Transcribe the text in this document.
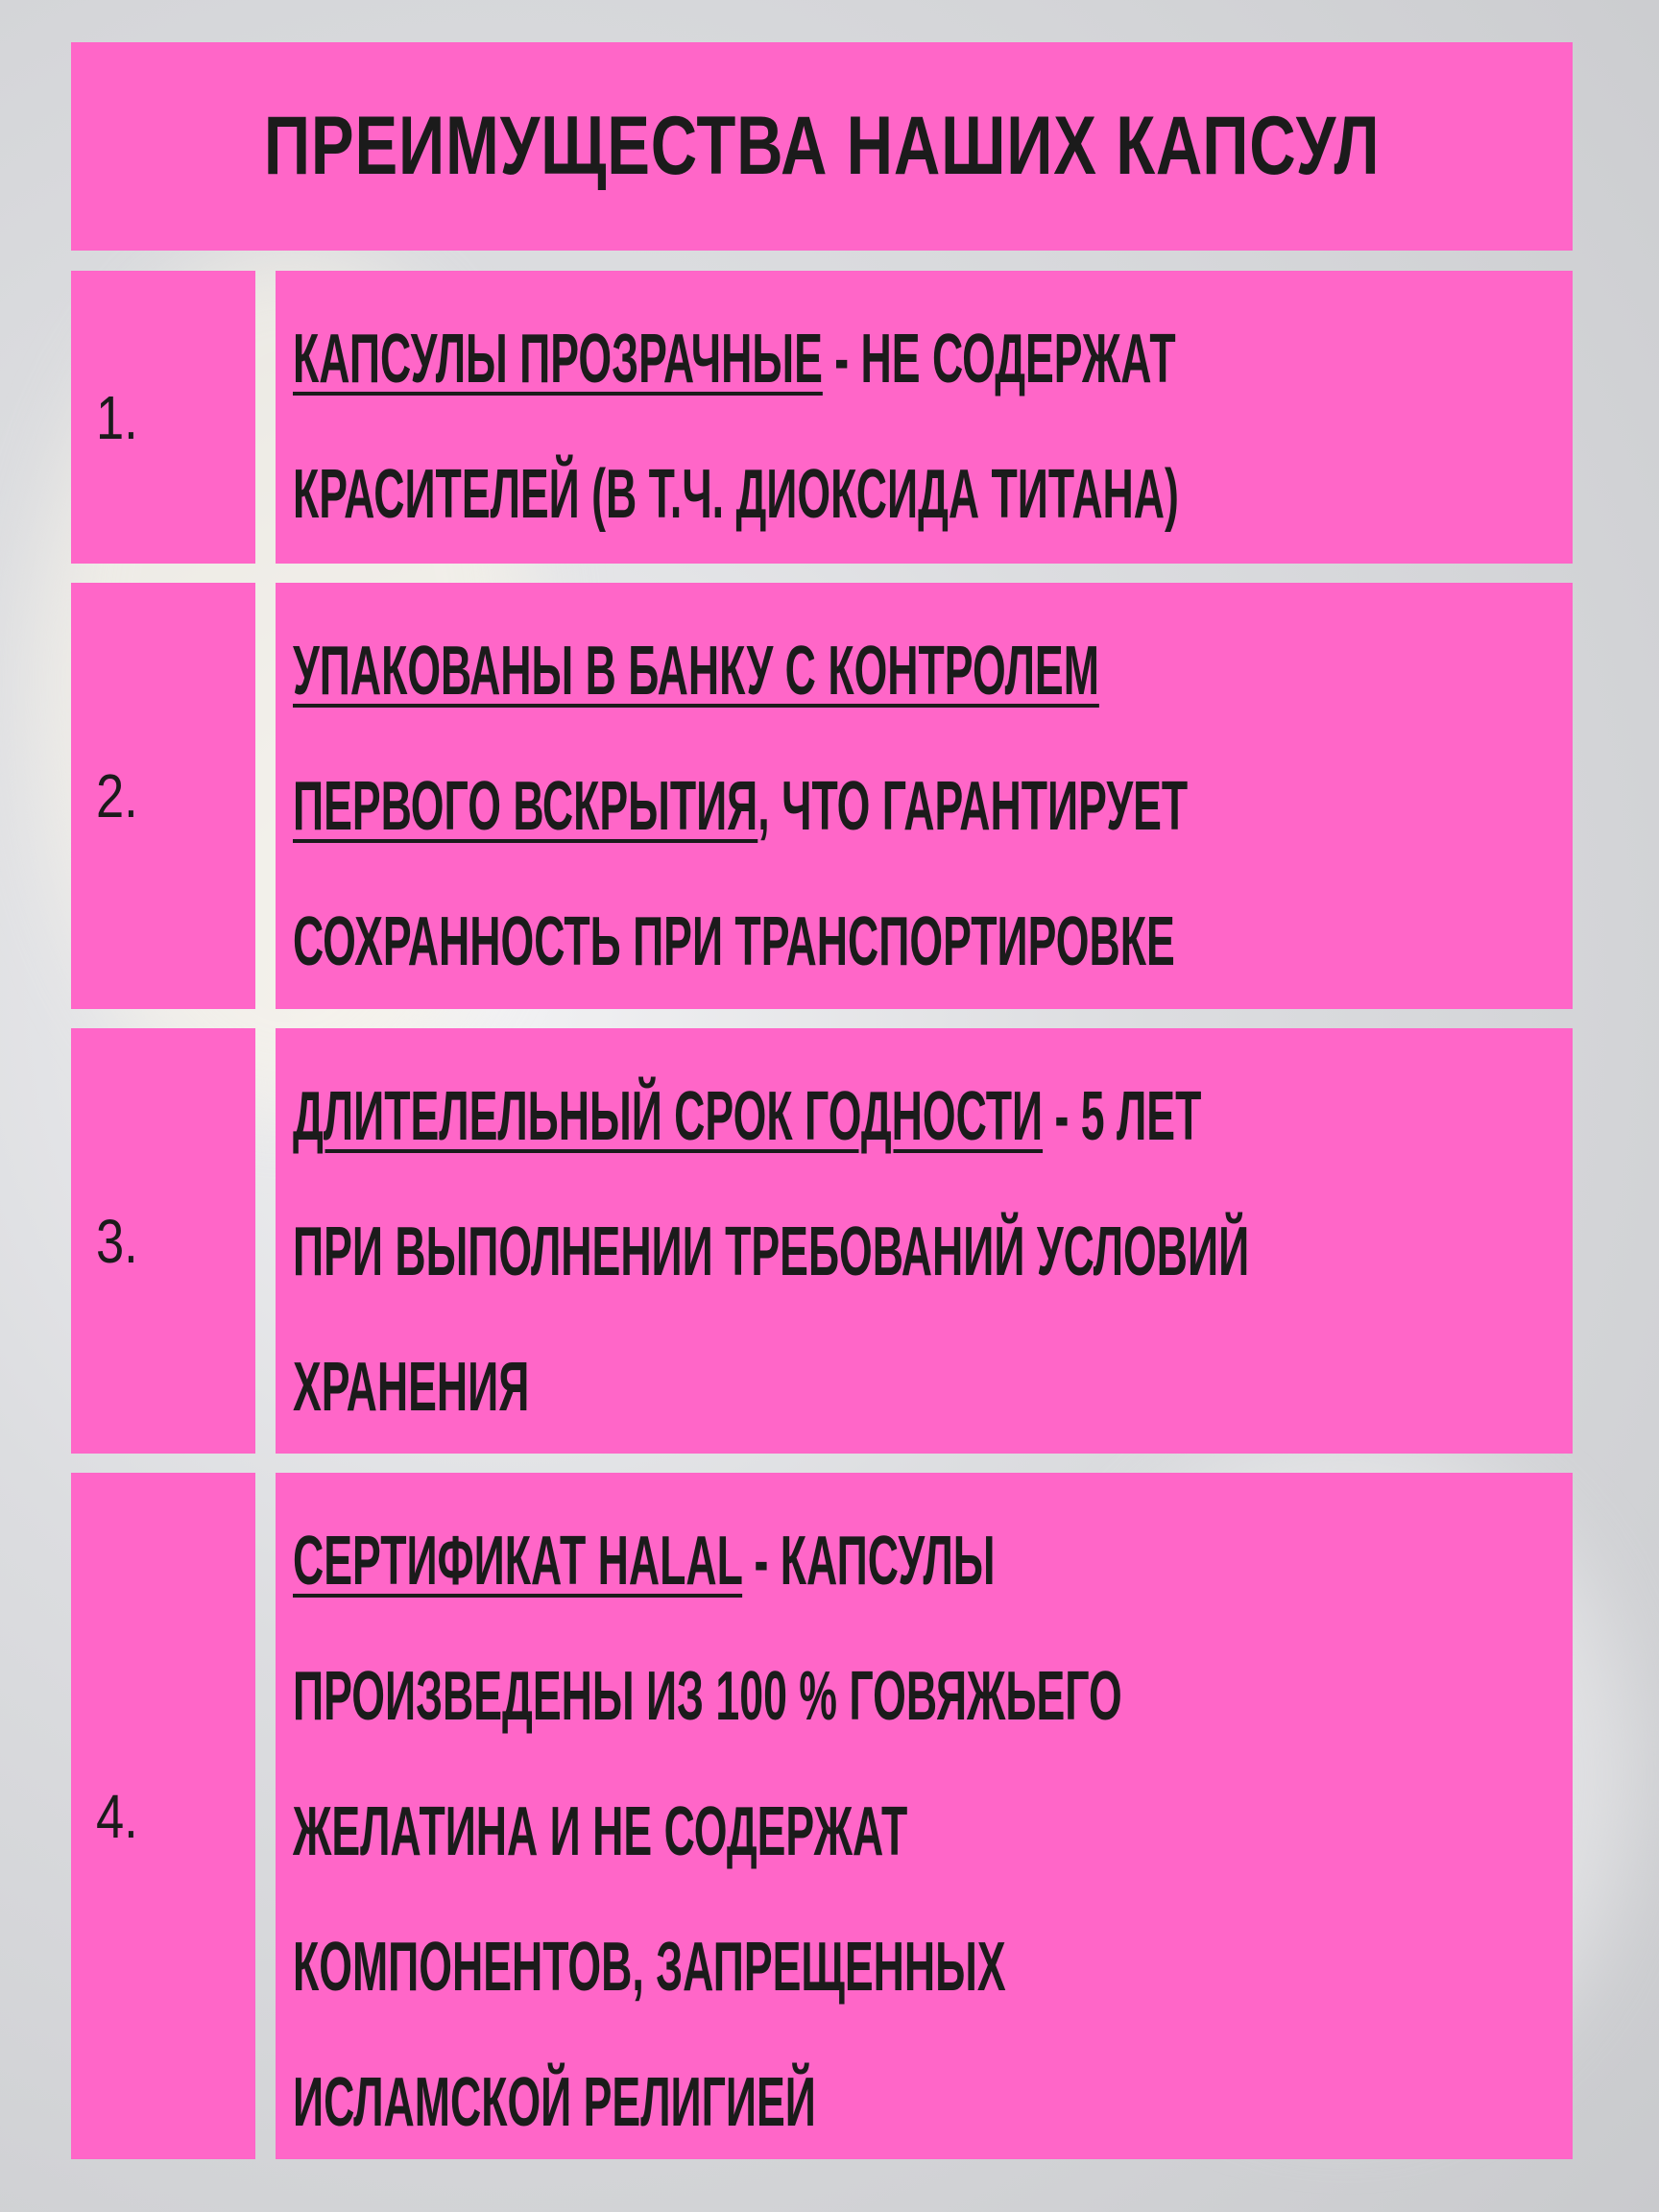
ПРЕИМУЩЕСТВА НАШИХ КАПСУЛ
1.
КАПСУЛЫ ПРОЗРАЧНЫЕ - НЕ СОДЕРЖАТ
КРАСИТЕЛЕЙ (В Т.Ч. ДИОКСИДА ТИТАНА)
2.
УПАКОВАНЫ В БАНКУ С КОНТРОЛЕМ
ПЕРВОГО ВСКРЫТИЯ, ЧТО ГАРАНТИРУЕТ
СОХРАННОСТЬ ПРИ ТРАНСПОРТИРОВКЕ
3.
ДЛИТЕЛЕЛЬНЫЙ СРОК ГОДНОСТИ - 5 ЛЕТ
ПРИ ВЫПОЛНЕНИИ ТРЕБОВАНИЙ УСЛОВИЙ
ХРАНЕНИЯ
4.
СЕРТИФИКАТ HALAL - КАПСУЛЫ
ПРОИЗВЕДЕНЫ ИЗ 100 % ГОВЯЖЬЕГО
ЖЕЛАТИНА И НЕ СОДЕРЖАТ
КОМПОНЕНТОВ, ЗАПРЕЩЕННЫХ
ИСЛАМСКОЙ РЕЛИГИЕЙ
